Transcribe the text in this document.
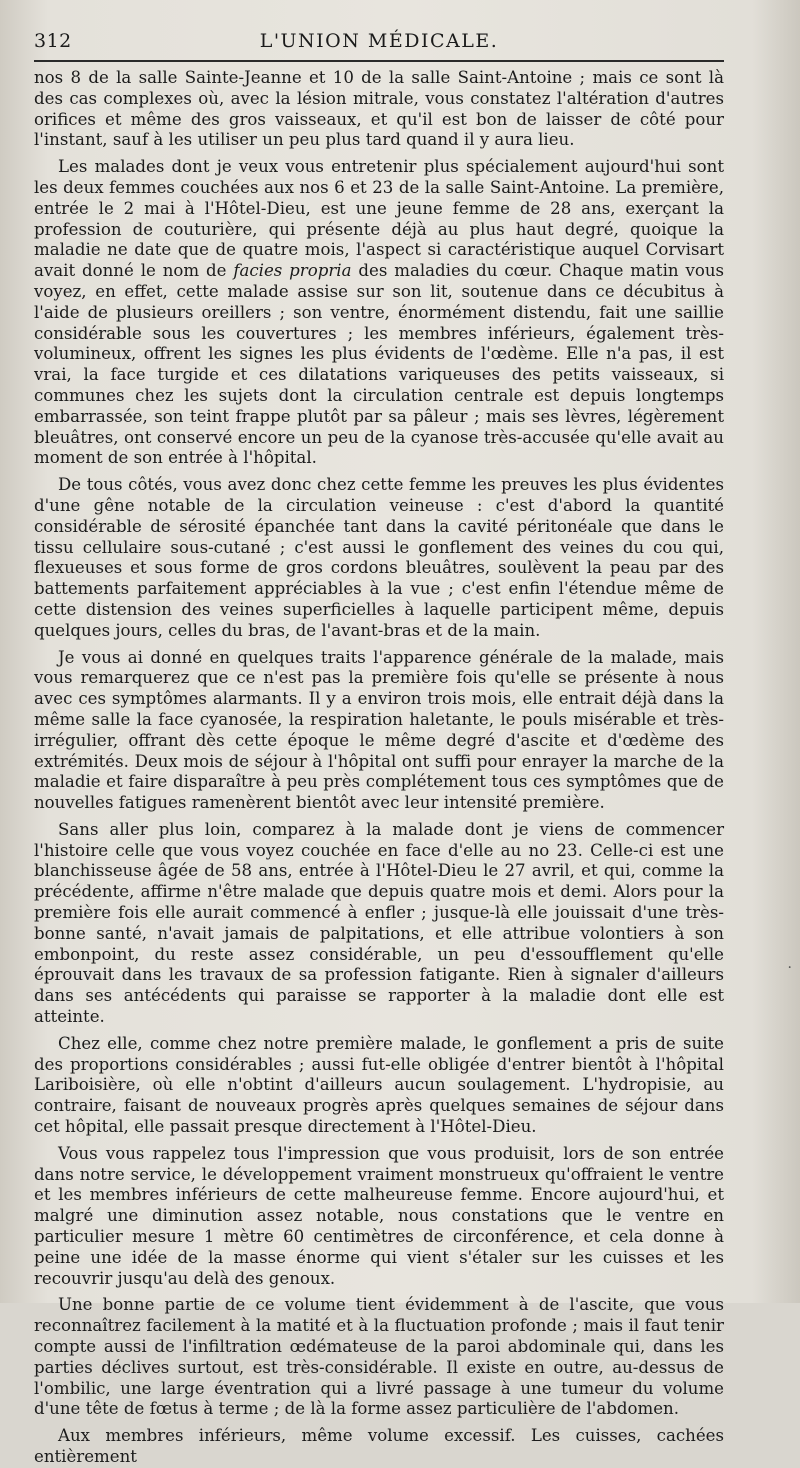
312	L'UNION MÉDICALE.

nos 8 de la salle Sainte-Jeanne et 10 de la salle Saint-Antoine ; mais ce sont là des cas complexes où, avec la lésion mitrale, vous constatez l'altération d'autres orifices et même des gros vaisseaux, et qu'il est bon de laisser de côté pour l'instant, sauf à les utiliser un peu plus tard quand il y aura lieu.

Les malades dont je veux vous entretenir plus spécialement aujourd'hui sont les deux femmes couchées aux nos 6 et 23 de la salle Saint-Antoine. La première, entrée le 2 mai à l'Hôtel-Dieu, est une jeune femme de 28 ans, exerçant la profession de couturière, qui présente déjà au plus haut degré, quoique la maladie ne date que de quatre mois, l'aspect si caractéristique auquel Corvisart avait donné le nom de facies propria des maladies du cœur. Chaque matin vous voyez, en effet, cette malade assise sur son lit, soutenue dans ce décubitus à l'aide de plusieurs oreillers ; son ventre, énormément distendu, fait une saillie considérable sous les couvertures ; les membres inférieurs, également très-volumineux, offrent les signes les plus évidents de l'œdème. Elle n'a pas, il est vrai, la face turgide et ces dilatations variqueuses des petits vaisseaux, si communes chez les sujets dont la circulation centrale est depuis longtemps embarrassée, son teint frappe plutôt par sa pâleur ; mais ses lèvres, légèrement bleuâtres, ont conservé encore un peu de la cyanose très-accusée qu'elle avait au moment de son entrée à l'hôpital.

De tous côtés, vous avez donc chez cette femme les preuves les plus évidentes d'une gêne notable de la circulation veineuse : c'est d'abord la quantité considérable de sérosité épanchée tant dans la cavité péritonéale que dans le tissu cellulaire sous-cutané ; c'est aussi le gonflement des veines du cou qui, flexueuses et sous forme de gros cordons bleuâtres, soulèvent la peau par des battements parfaitement appréciables à la vue ; c'est enfin l'étendue même de cette distension des veines superficielles à laquelle participent même, depuis quelques jours, celles du bras, de l'avant-bras et de la main.

Je vous ai donné en quelques traits l'apparence générale de la malade, mais vous remarquerez que ce n'est pas la première fois qu'elle se présente à nous avec ces symptômes alarmants. Il y a environ trois mois, elle entrait déjà dans la même salle la face cyanosée, la respiration haletante, le pouls misérable et très-irrégulier, offrant dès cette époque le même degré d'ascite et d'œdème des extrémités. Deux mois de séjour à l'hôpital ont suffi pour enrayer la marche de la maladie et faire disparaître à peu près complétement tous ces symptômes que de nouvelles fatigues ramenèrent bientôt avec leur intensité première.

Sans aller plus loin, comparez à la malade dont je viens de commencer l'histoire celle que vous voyez couchée en face d'elle au no 23. Celle-ci est une blanchisseuse âgée de 58 ans, entrée à l'Hôtel-Dieu le 27 avril, et qui, comme la précédente, affirme n'être malade que depuis quatre mois et demi. Alors pour la première fois elle aurait commencé à enfler ; jusque-là elle jouissait d'une très-bonne santé, n'avait jamais de palpitations, et elle attribue volontiers à son embonpoint, du reste assez considérable, un peu d'essoufflement qu'elle éprouvait dans les travaux de sa profession fatigante. Rien à signaler d'ailleurs dans ses antécédents qui paraisse se rapporter à la maladie dont elle est atteinte.

Chez elle, comme chez notre première malade, le gonflement a pris de suite des proportions considérables ; aussi fut-elle obligée d'entrer bientôt à l'hôpital Lariboisière, où elle n'obtint d'ailleurs aucun soulagement. L'hydropisie, au contraire, faisant de nouveaux progrès après quelques semaines de séjour dans cet hôpital, elle passait presque directement à l'Hôtel-Dieu.

Vous vous rappelez tous l'impression que vous produisit, lors de son entrée dans notre service, le développement vraiment monstrueux qu'offraient le ventre et les membres inférieurs de cette malheureuse femme. Encore aujourd'hui, et malgré une diminution assez notable, nous constations que le ventre en particulier mesure 1 mètre 60 centimètres de circonférence, et cela donne à peine une idée de la masse énorme qui vient s'étaler sur les cuisses et les recouvrir jusqu'au delà des genoux.

Une bonne partie de ce volume tient évidemment à de l'ascite, que vous reconnaîtrez facilement à la matité et à la fluctuation profonde ; mais il faut tenir compte aussi de l'infiltration œdémateuse de la paroi abdominale qui, dans les parties déclives surtout, est très-considérable. Il existe en outre, au-dessus de l'ombilic, une large éventration qui a livré passage à une tumeur du volume d'une tête de fœtus à terme ; de là la forme assez particulière de l'abdomen.

Aux membres inférieurs, même volume excessif. Les cuisses, cachées entièrement

·
